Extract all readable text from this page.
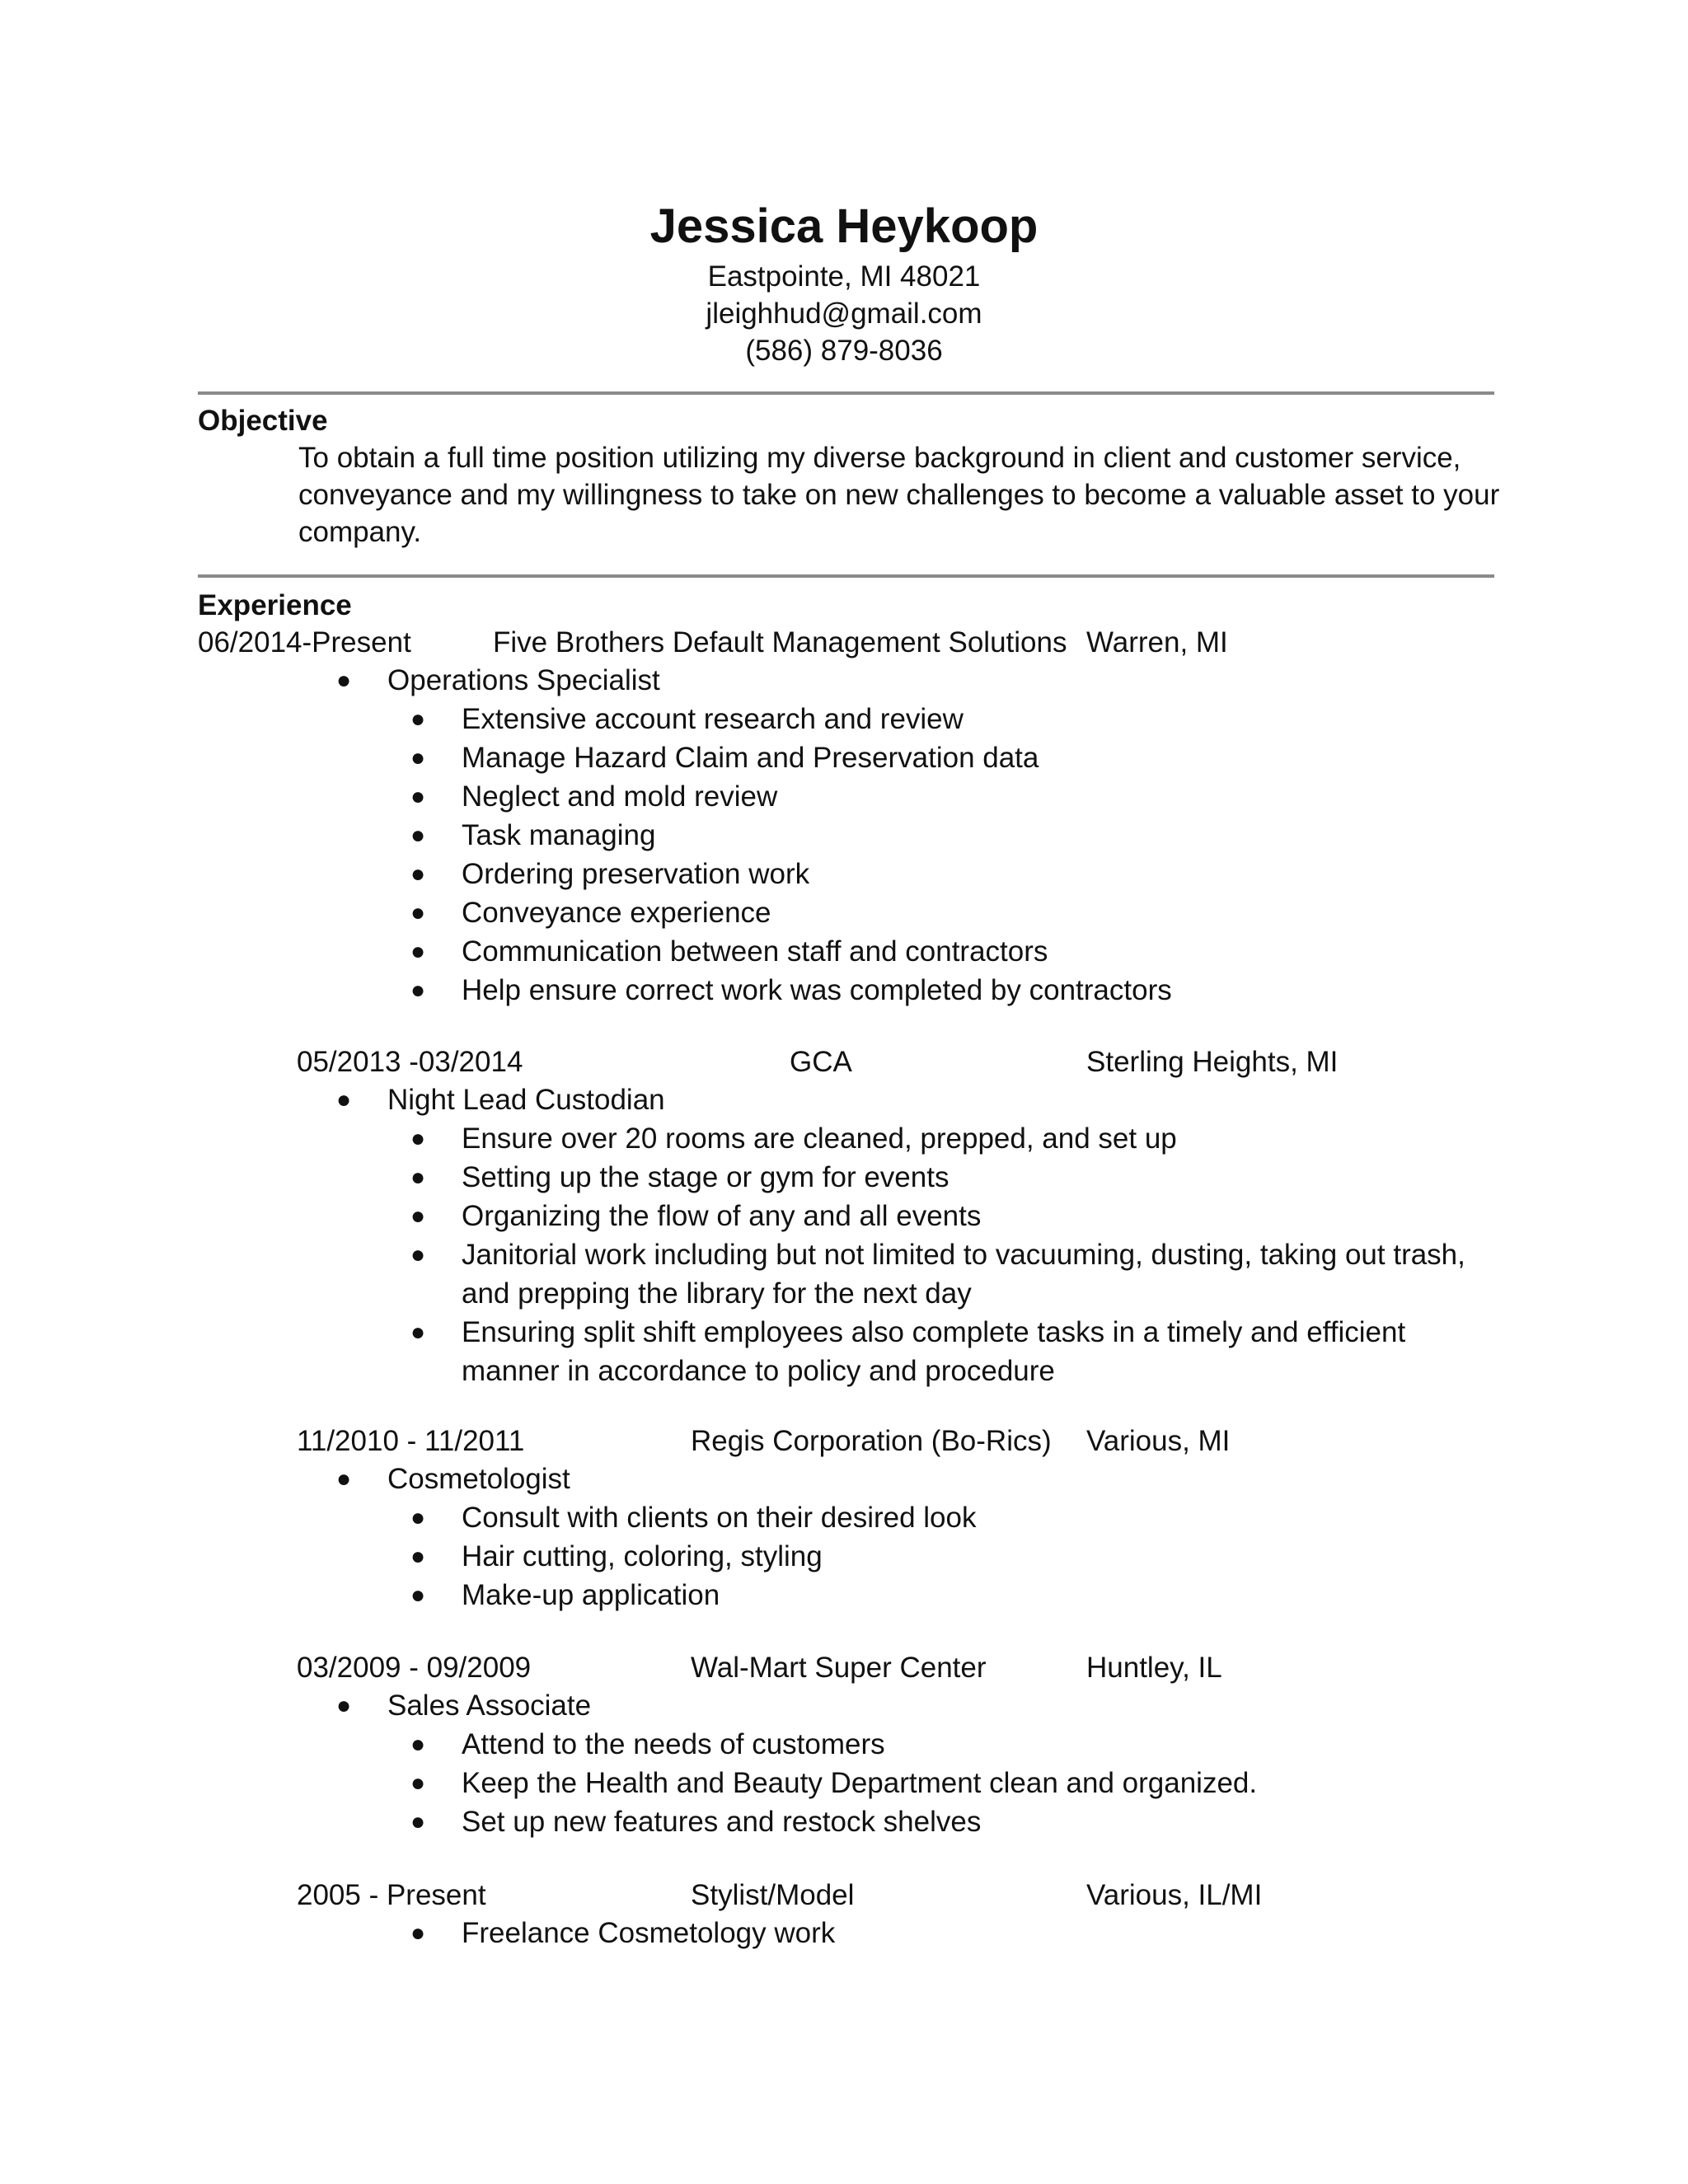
Jessica Heykoop
Eastpointe, MI 48021
jleighhud@gmail.com
(586) 879-8036
Objective
To obtain a full time position utilizing my diverse background in client and customer service, conveyance and my willingness to take on new challenges to become a valuable asset to your company.
Experience
06/2014-Present	Five Brothers Default Management Solutions Warren, MI
● Operations Specialist
● Extensive account research and review
● Manage Hazard Claim and Preservation data
● Neglect and mold review
● Task managing
● Ordering preservation work
● Conveyance experience
● Communication between staff and contractors
● Help ensure correct work was completed by contractors
05/2013 -03/2014	GCA	Sterling Heights, MI
● Night Lead Custodian
● Ensure over 20 rooms are cleaned, prepped, and set up
● Setting up the stage or gym for events
● Organizing the flow of any and all events
● Janitorial work including but not limited to vacuuming, dusting, taking out trash, and prepping the library for the next day
● Ensuring split shift employees also complete tasks in a timely and efficient manner in accordance to policy and procedure
11/2010 - 11/2011	Regis Corporation (Bo-Rics) Various, MI
● Cosmetologist
● Consult with clients on their desired look
● Hair cutting, coloring, styling
● Make-up application
03/2009 - 09/2009	Wal-Mart Super Center	Huntley, IL
● Sales Associate
● Attend to the needs of customers
● Keep the Health and Beauty Department clean and organized.
● Set up new features and restock shelves
2005 - Present	Stylist/Model	Various, IL/MI
● Freelance Cosmetology work
